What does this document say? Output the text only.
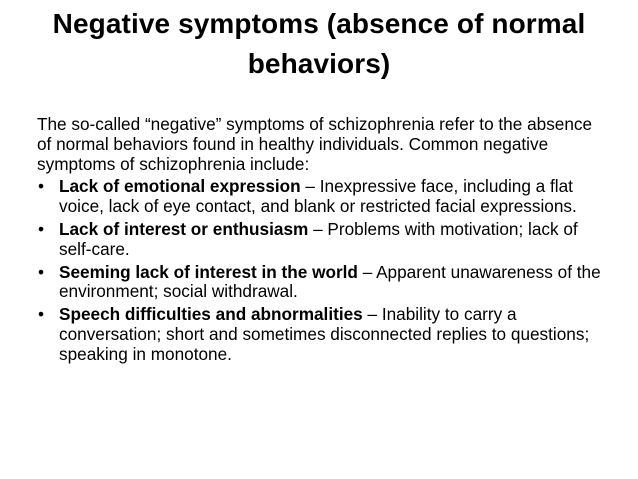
Negative symptoms (absence of normal behaviors)

The so-called “negative” symptoms of schizophrenia refer to the absence of normal behaviors found in healthy individuals. Common negative symptoms of schizophrenia include:

• Lack of emotional expression – Inexpressive face, including a flat voice, lack of eye contact, and blank or restricted facial expressions.
• Lack of interest or enthusiasm – Problems with motivation; lack of self-care.
• Seeming lack of interest in the world – Apparent unawareness of the environment; social withdrawal.
• Speech difficulties and abnormalities – Inability to carry a conversation; short and sometimes disconnected replies to questions; speaking in monotone.
